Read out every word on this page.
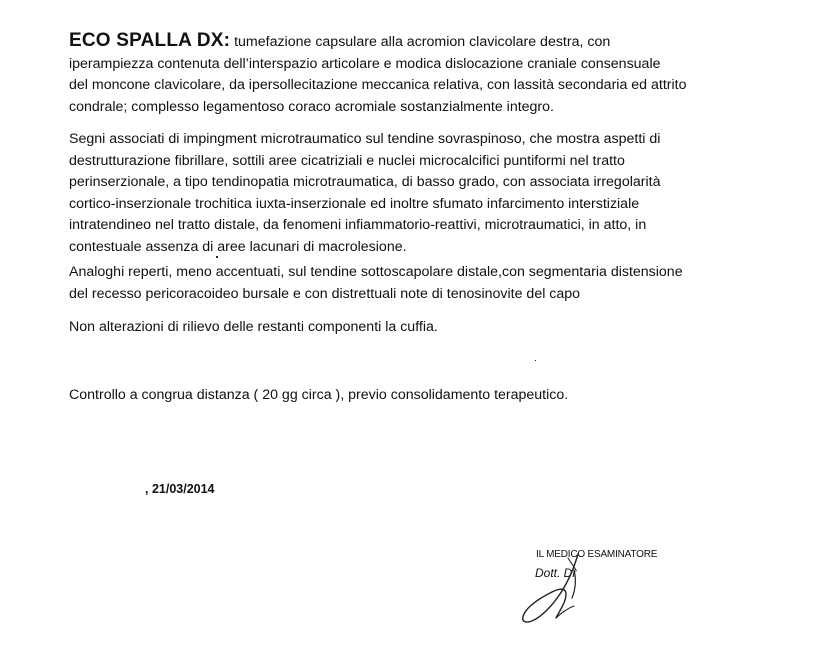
ECO SPALLA DX: tumefazione capsulare alla acromion clavicolare destra, con
iperampiezza contenuta dell’interspazio articolare e modica dislocazione craniale consensuale
del moncone clavicolare, da ipersollecitazione meccanica relativa, con lassità secondaria ed attrito
condrale; complesso legamentoso coraco acromiale sostanzialmente integro.

Segni associati di impingment microtraumatico sul tendine sovraspinoso, che mostra aspetti di
destrutturazione fibrillare, sottili aree cicatriziali e nuclei microcalcifici puntiformi nel tratto
perinserzionale, a tipo tendinopatia microtraumatica, di basso grado, con associata irregolarità
cortico-inserzionale trochitica iuxta-inserzionale ed inoltre sfumato infarcimento interstiziale
intratendineo nel tratto distale, da fenomeni infiammatorio-reattivi, microtraumatici, in atto, in
contestuale assenza di aree lacunari di macrolesione.

Analoghi reperti, meno accentuati, sul tendine sottoscapolare distale,con segmentaria distensione
del recesso pericoracoideo bursale e con distrettuali note di tenosinovite del capo

Non alterazioni di rilievo delle restanti componenti la cuffia.

Controllo a congrua distanza ( 20 gg circa ), previo consolidamento terapeutico.

, 21/03/2014
IL MEDICO ESAMINATORE
Dott. Dr
